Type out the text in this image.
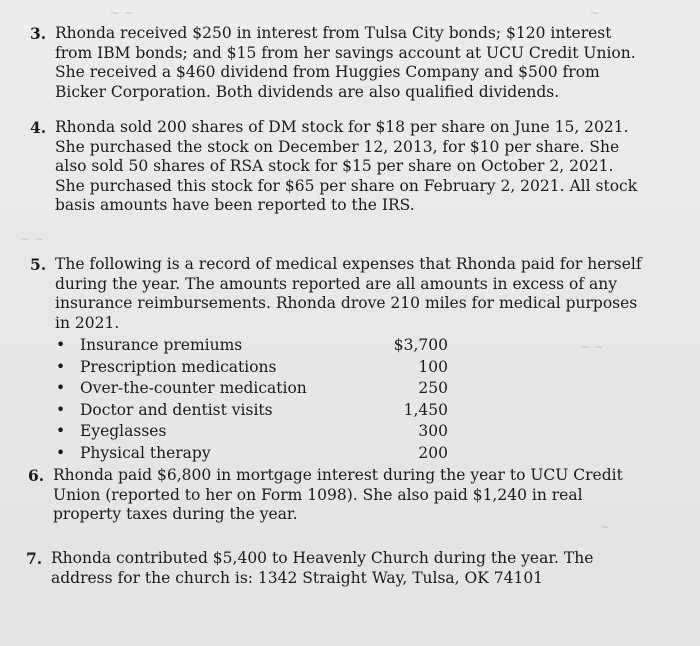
~ ~	~
~ ~
~ ~
~
3. Rhonda received $250 in interest from Tulsa City bonds; $120 interest from IBM bonds; and $15 from her savings account at UCU Credit Union. She received a $460 dividend from Huggies Company and $500 from Bicker Corporation. Both dividends are also qualified dividends.
4. Rhonda sold 200 shares of DM stock for $18 per share on June 15, 2021. She purchased the stock on December 12, 2013, for $10 per share. She also sold 50 shares of RSA stock for $15 per share on October 2, 2021. She purchased this stock for $65 per share on February 2, 2021. All stock basis amounts have been reported to the IRS.
5. The following is a record of medical expenses that Rhonda paid for herself during the year. The amounts reported are all amounts in excess of any insurance reimbursements. Rhonda drove 210 miles for medical purposes in 2021.
• Insurance premiums	$3,700
• Prescription medications	100
• Over-the-counter medication	250
• Doctor and dentist visits	1,450
• Eyeglasses	300
• Physical therapy	200
6. Rhonda paid $6,800 in mortgage interest during the year to UCU Credit Union (reported to her on Form 1098). She also paid $1,240 in real property taxes during the year.
7. Rhonda contributed $5,400 to Heavenly Church during the year. The address for the church is: 1342 Straight Way, Tulsa, OK 74101
